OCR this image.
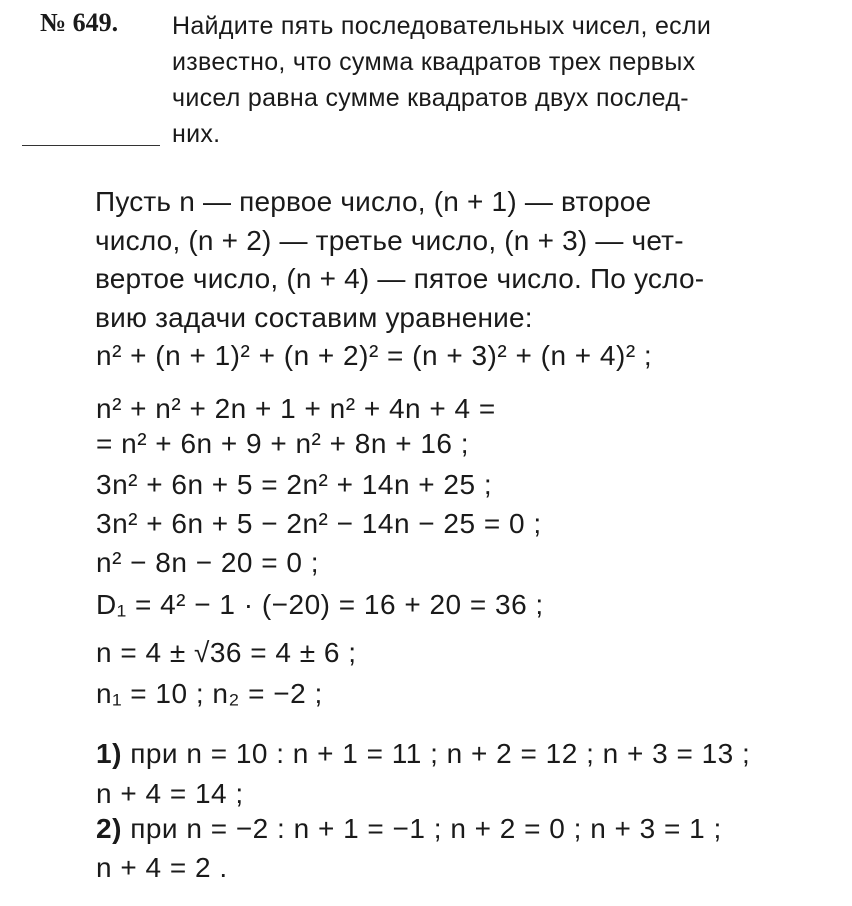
№ 649. Найдите пять последовательных чисел, если
известно, что сумма квадратов трех первых
чисел равна сумме квадратов двух послед-
них.
Пусть n — первое число, (n + 1) — второе
число, (n + 2) — третье число, (n + 3) — чет-
вертое число, (n + 4) — пятое число. По усло-
вию задачи составим уравнение:
n² + (n + 1)² + (n + 2)² = (n + 3)² + (n + 4)² ;
n² + n² + 2n + 1 + n² + 4n + 4 =
= n² + 6n + 9 + n² + 8n + 16 ;
3n² + 6n + 5 = 2n² + 14n + 25 ;
3n² + 6n + 5 − 2n² − 14n − 25 = 0 ;
n² − 8n − 20 = 0 ;
D₁ = 4² − 1 · (−20) = 16 + 20 = 36 ;
n = 4 ± √36 = 4 ± 6 ;
n₁ = 10 ; n₂ = −2 ;
1) при n = 10 : n + 1 = 11 ; n + 2 = 12 ; n + 3 = 13 ;
n + 4 = 14 ;
2) при n = −2 : n + 1 = −1 ; n + 2 = 0 ; n + 3 = 1 ;
n + 4 = 2 .
